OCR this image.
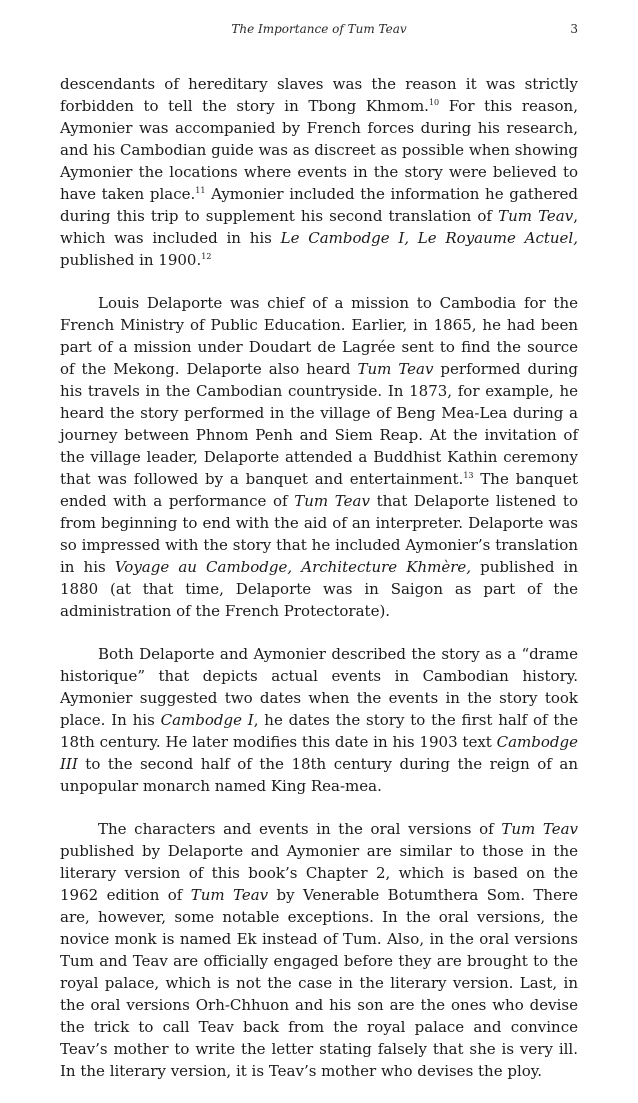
The Importance of Tum Teav	3

descendants of hereditary slaves was the reason it was strictly forbidden to tell the story in Tbong Khmom.$^{10}$ For this reason, Aymonier was accompanied by French forces during his research, and his Cambodian guide was as discreet as possible when showing Aymonier the locations where events in the story were believed to have taken place.$^{11}$ Aymonier included the information he gathered during this trip to supplement his second translation of Tum Teav, which was included in his Le Cambodge I, Le Royaume Actuel, published in 1900.12

Louis Delaporte was chief of a mission to Cambodia for the French Ministry of Public Education. Earlier, in 1865, he had been part of a mission under Doudart de Lagrée sent to find the source of the Mekong. Delaporte also heard Tum Teav performed during his travels in the Cambodian countryside. In 1873, for example, he heard the story performed in the village of Beng Mea-Lea during a journey between Phnom Penh and Siem Reap. At the invitation of the village leader, Delaporte attended a Buddhist Kathin ceremony that was followed by a banquet and entertainment.$^{13}$ The banquet ended with a performance of Tum Teav that Delaporte listened to from beginning to end with the aid of an interpreter. Delaporte was so impressed with the story that he included Aymonier’s translation in his Voyage au Cambodge, Architecture Khmère, published in 1880 (at that time, Delaporte was in Saigon as part of the administration of the French Protectorate).

Both Delaporte and Aymonier described the story as a “drame historique” that depicts actual events in Cambodian history. Aymonier suggested two dates when the events in the story took place. In his Cambodge I, he dates the story to the first half of the 18th century. He later modifies this date in his 1903 text Cambodge III to the second half of the 18th century during the reign of an unpopular monarch named King Rea-mea.

The characters and events in the oral versions of Tum Teav published by Delaporte and Aymonier are similar to those in the literary version of this book’s Chapter 2, which is based on the 1962 edition of Tum Teav by Venerable Botumthera Som. There are, however, some notable exceptions. In the oral versions, the novice monk is named Ek instead of Tum. Also, in the oral versions Tum and Teav are officially engaged before they are brought to the royal palace, which is not the case in the literary version. Last, in the oral versions Orh-Chhuon and his son are the ones who devise the trick to call Teav back from the royal palace and convince Teav’s mother to write the letter stating falsely that she is very ill. In the literary version, it is Teav’s mother who devises the ploy.
